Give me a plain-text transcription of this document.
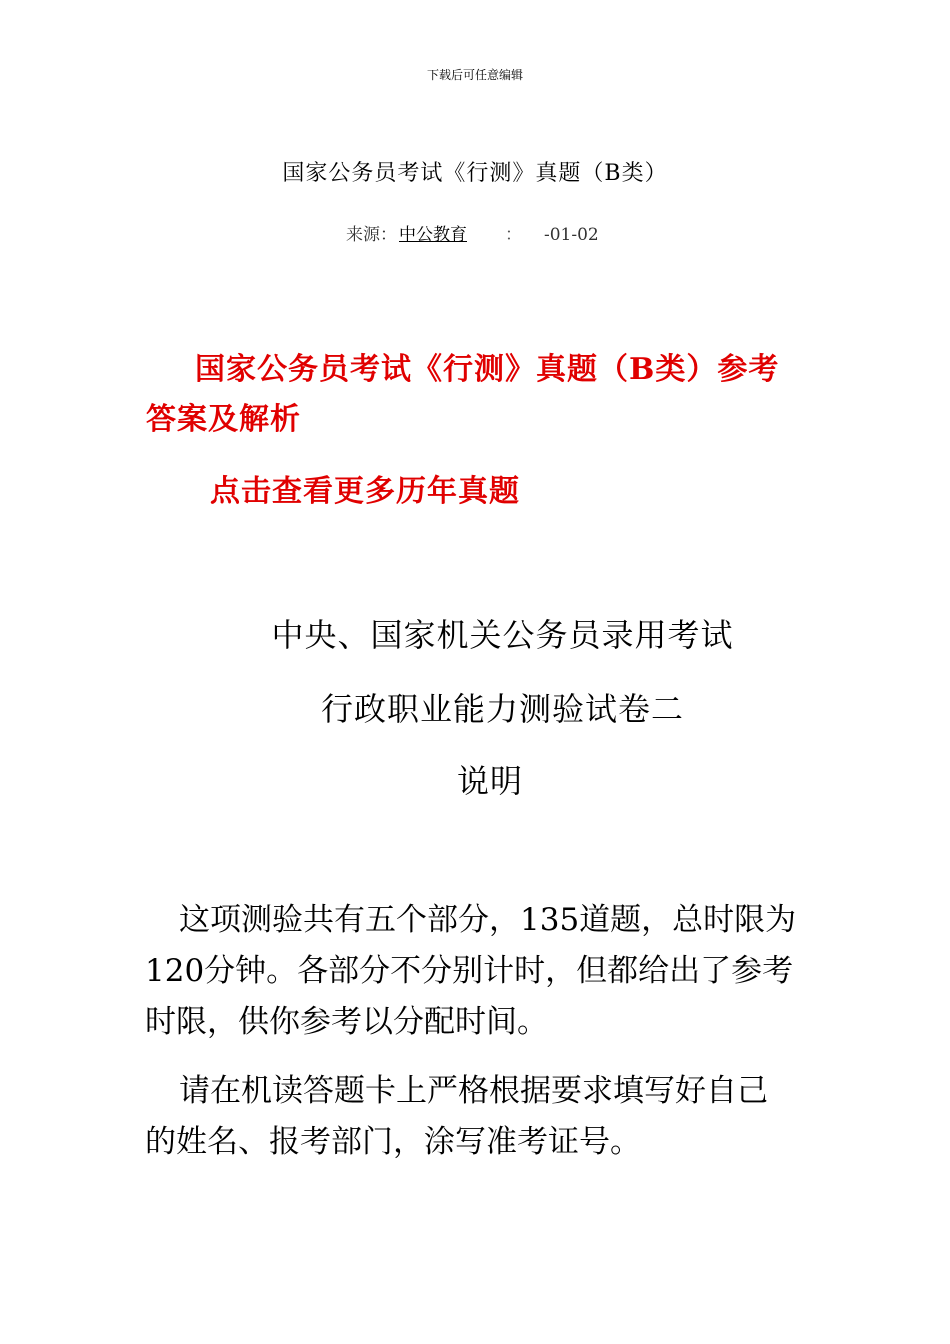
下载后可任意编辑
国家公务员考试《行测》真题（B类）
来源： 中公教育 ： -01-02
国家公务员考试《行测》真题（B类）参考
答案及解析
点击查看更多历年真题
中央、国家机关公务员录用考试
行政职业能力测验试卷二
说明
这项测验共有五个部分，135道题，总时限为
120分钟。各部分不分别计时，但都给出了参考
时限，供你参考以分配时间。
请在机读答题卡上严格根据要求填写好自己
的姓名、报考部门，涂写准考证号。
